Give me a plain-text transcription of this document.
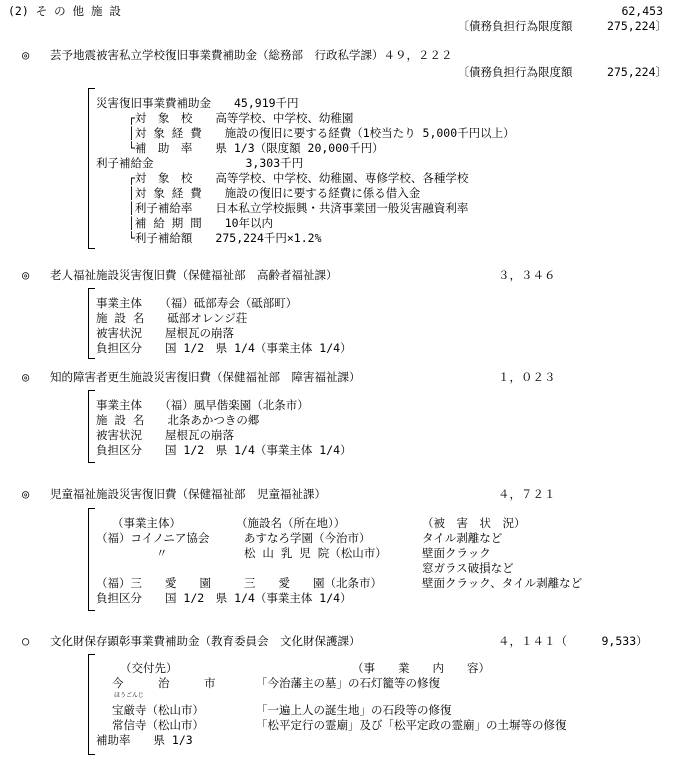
(2) そ の 他 施 設	62,453
〔債務負担行為限度額　　　275,224〕
◎ 芸予地震被害私立学校復旧事業費補助金（総務部　行政私学課）４９，２２２
〔債務負担行為限度額　　　275,224〕
災害復旧事業費補助金　　45,919千円
┌対　象　校　　高等学校、中学校、幼稚園
│対 象 経 費　　施設の復旧に要する経費（1校当たり 5,000千円以上）
└補　助　率　　県 1/3（限度額 20,000千円）
利子補給金　　　　　　　　3,303千円
┌対　象　校　　高等学校、中学校、幼稚園、専修学校、各種学校
│対 象 経 費　　施設の復旧に要する経費に係る借入金
│利子補給率　　日本私立学校振興・共済事業団一般災害融資利率
│補 給 期 間　　10年以内
└利子補給額　　275,224千円×1.2%
◎ 老人福祉施設災害復旧費（保健福祉部　高齢者福祉課）	３，３４６
事業主体　　（福）砥部寿会（砥部町）
施 設 名　　砥部オレンジ荘
被害状況　　屋根瓦の崩落
負担区分　　国 1/2　県 1/4（事業主体 1/4）
◎ 知的障害者更生施設災害復旧費（保健福祉部　障害福祉課）	１，０２３
事業主体　　（福）風早偕楽園（北条市）
施 設 名　　北条あかつきの郷
被害状況　　屋根瓦の崩落
負担区分　　国 1/2　県 1/4（事業主体 1/4）
◎ 児童福祉施設災害復旧費（保健福祉部　児童福祉課）	４，７２１
（事業主体）	（施設名（所在地））	（被　害　状　況）
（福）コイノニア協会	あすなろ学園（今治市）	タイル剥離など
〃	松 山 乳 児 院（松山市）	壁面クラック
窓ガラス破損など
（福）三　　愛　　園	三　　愛　　園（北条市）	壁面クラック、タイル剥離など
負担区分　　国 1/2　県 1/4（事業主体 1/4）
○ 文化財保存顕彰事業費補助金（教育委員会　文化財保護課）	４，１４１（　　　9,533）
（交付先）	（事　　業　　内　　容）
今　　　治　　　市	「今治藩主の墓」の石灯籠等の修復
ほうごんじ
宝厳寺（松山市）	「一遍上人の誕生地」の石段等の修復
常信寺（松山市）	「松平定行の霊廟」及び「松平定政の霊廟」の土塀等の修復
補助率　　県 1/3
